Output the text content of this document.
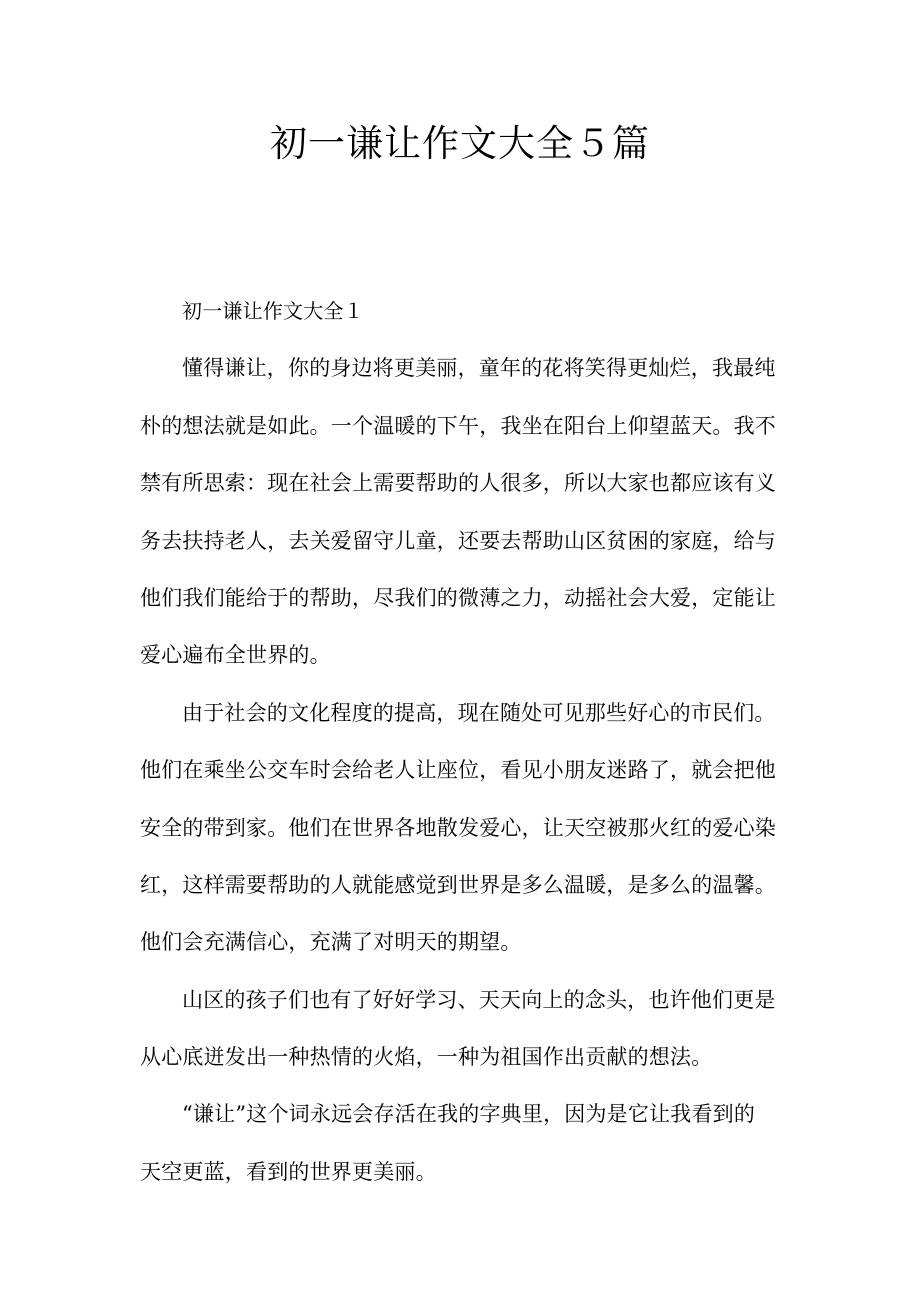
初一谦让作文大全５篇
初一谦让作文大全１
懂得谦让，你的身边将更美丽，童年的花将笑得更灿烂，我最纯
朴的想法就是如此。一个温暖的下午，我坐在阳台上仰望蓝天。我不
禁有所思索：现在社会上需要帮助的人很多，所以大家也都应该有义
务去扶持老人，去关爱留守儿童，还要去帮助山区贫困的家庭，给与
他们我们能给于的帮助，尽我们的微薄之力，动摇社会大爱，定能让
爱心遍布全世界的。
由于社会的文化程度的提高，现在随处可见那些好心的市民们。
他们在乘坐公交车时会给老人让座位，看见小朋友迷路了，就会把他
安全的带到家。他们在世界各地散发爱心，让天空被那火红的爱心染
红，这样需要帮助的人就能感觉到世界是多么温暖，是多么的温馨。
他们会充满信心，充满了对明天的期望。
山区的孩子们也有了好好学习、天天向上的念头，也许他们更是
从心底迸发出一种热情的火焰，一种为祖国作出贡献的想法。
“谦让”这个词永远会存活在我的字典里，因为是它让我看到的
天空更蓝，看到的世界更美丽。
